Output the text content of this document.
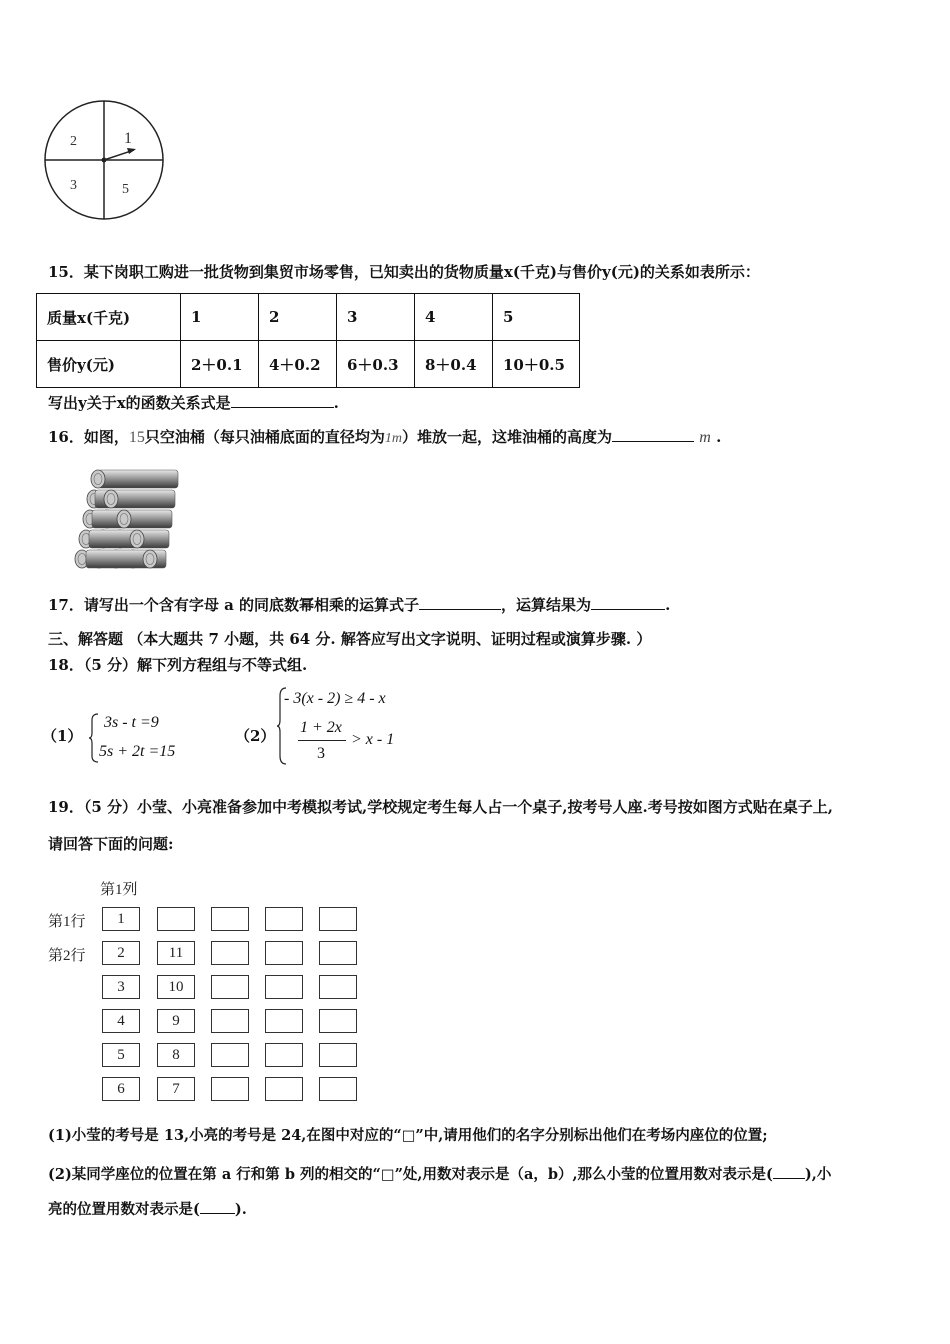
2	1
3	5
15．某下岗职工购进一批货物到集贸市场零售，已知卖出的货物质量x(千克)与售价y(元)的关系如表所示：
质量x(千克)	1	2	3	4	5
售价y(元)	2＋0.1	4＋0.2	6＋0.3	8＋0.4	10＋0.5
写出y关于x的函数关系式是	.
16．如图，15只空油桶（每只油桶底面的直径均为1m）堆放一起，这堆油桶的高度为	m .
17．请写出一个含有字母 a 的同底数幂相乘的运算式子	，运算结果为	.
三、解答题 （本大题共 7 小题，共 64 分. 解答应写出文字说明、证明过程或演算步骤. ）
18．（5 分）解下列方程组与不等式组.
（1）
3s - t =9
5s + 2t =15
（2）
- 3(x - 2) ≥ 4 - x
1 + 2x
3
> x - 1
19．（5 分）小莹、小亮准备参加中考模拟考试,学校规定考生每人占一个桌子,按考号人座.考号按如图方式贴在桌子上,
请回答下面的问题:
第1列
第1行
第2行
1
2	11
3	10
4	9
5	8
6	7
(1)小莹的考号是 13,小亮的考号是 24,在图中对应的“□”中,请用他们的名字分别标出他们在考场内座位的位置;
(2)某同学座位的位置在第 a 行和第 b 列的相交的“□”处,用数对表示是（a，b）,那么小莹的位置用数对表示是( ),小
亮的位置用数对表示是( ).
